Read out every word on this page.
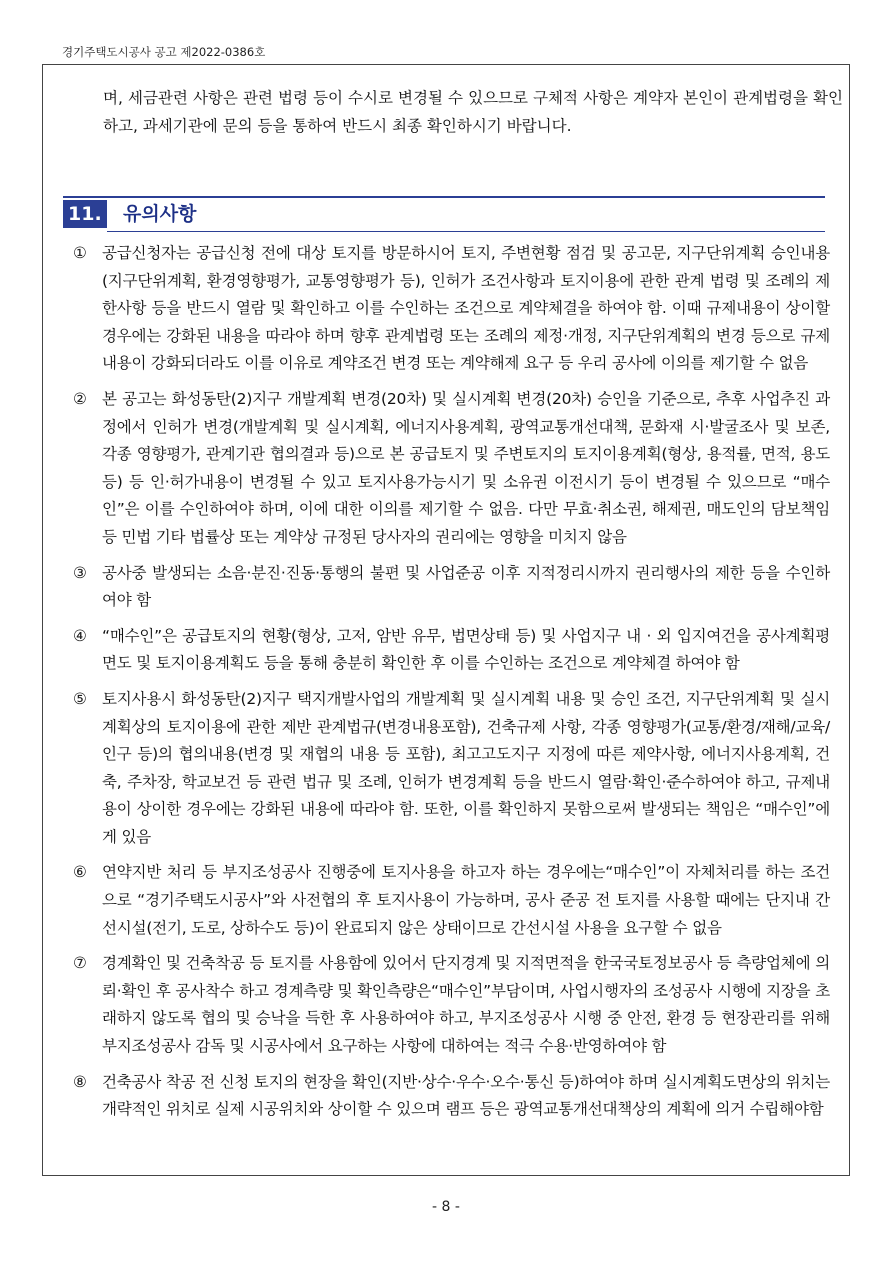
경기주택도시공사 공고 제2022-0386호
며, 세금관련 사항은 관련 법령 등이 수시로 변경될 수 있으므로 구체적 사항은 계약자 본인이 관계법령을 확인하고, 과세기관에 문의 등을 통하여 반드시 최종 확인하시기 바랍니다.
11. 유의사항
① 공급신청자는 공급신청 전에 대상 토지를 방문하시어 토지, 주변현황 점검 및 공고문, 지구단위계획 승인내용(지구단위계획, 환경영향평가, 교통영향평가 등), 인허가 조건사항과 토지이용에 관한 관계 법령 및 조례의 제한사항 등을 반드시 열람 및 확인하고 이를 수인하는 조건으로 계약체결을 하여야 함. 이때 규제내용이 상이할 경우에는 강화된 내용을 따라야 하며 향후 관계법령 또는 조례의 제정·개정, 지구단위계획의 변경 등으로 규제내용이 강화되더라도 이를 이유로 계약조건 변경 또는 계약해제 요구 등 우리 공사에 이의를 제기할 수 없음
② 본 공고는 화성동탄(2)지구 개발계획 변경(20차) 및 실시계획 변경(20차) 승인을 기준으로, 추후 사업추진 과정에서 인허가 변경(개발계획 및 실시계획, 에너지사용계획, 광역교통개선대책, 문화재 시·발굴조사 및 보존, 각종 영향평가, 관계기관 협의결과 등)으로 본 공급토지 및 주변토지의 토지이용계획(형상, 용적률, 면적, 용도 등) 등 인·허가내용이 변경될 수 있고 토지사용가능시기 및 소유권 이전시기 등이 변경될 수 있으므로 “매수인”은 이를 수인하여야 하며, 이에 대한 이의를 제기할 수 없음. 다만 무효·취소권, 해제권, 매도인의 담보책임 등 민법 기타 법률상 또는 계약상 규정된 당사자의 권리에는 영향을 미치지 않음
③ 공사중 발생되는 소음·분진·진동·통행의 불편 및 사업준공 이후 지적정리시까지 권리행사의 제한 등을 수인하여야 함
④ “매수인”은 공급토지의 현황(형상, 고저, 암반 유무, 법면상태 등) 및 사업지구 내 · 외 입지여건을 공사계획평면도 및 토지이용계획도 등을 통해 충분히 확인한 후 이를 수인하는 조건으로 계약체결 하여야 함
⑤ 토지사용시 화성동탄(2)지구 택지개발사업의 개발계획 및 실시계획 내용 및 승인 조건, 지구단위계획 및 실시계획상의 토지이용에 관한 제반 관계법규(변경내용포함), 건축규제 사항, 각종 영향평가(교통/환경/재해/교육/인구 등)의 협의내용(변경 및 재협의 내용 등 포함), 최고고도지구 지정에 따른 제약사항, 에너지사용계획, 건축, 주차장, 학교보건 등 관련 법규 및 조례, 인허가 변경계획 등을 반드시 열람·확인·준수하여야 하고, 규제내용이 상이한 경우에는 강화된 내용에 따라야 함. 또한, 이를 확인하지 못함으로써 발생되는 책임은 “매수인”에게 있음
⑥ 연약지반 처리 등 부지조성공사 진행중에 토지사용을 하고자 하는 경우에는“매수인”이 자체처리를 하는 조건으로 “경기주택도시공사”와 사전협의 후 토지사용이 가능하며, 공사 준공 전 토지를 사용할 때에는 단지내 간선시설(전기, 도로, 상하수도 등)이 완료되지 않은 상태이므로 간선시설 사용을 요구할 수 없음
⑦ 경계확인 및 건축착공 등 토지를 사용함에 있어서 단지경계 및 지적면적을 한국국토정보공사 등 측량업체에 의뢰·확인 후 공사착수 하고 경계측량 및 확인측량은“매수인”부담이며, 사업시행자의 조성공사 시행에 지장을 초래하지 않도록 협의 및 승낙을 득한 후 사용하여야 하고, 부지조성공사 시행 중 안전, 환경 등 현장관리를 위해 부지조성공사 감독 및 시공사에서 요구하는 사항에 대하여는 적극 수용·반영하여야 함
⑧ 건축공사 착공 전 신청 토지의 현장을 확인(지반·상수·우수·오수·통신 등)하여야 하며 실시계획도면상의 위치는 개략적인 위치로 실제 시공위치와 상이할 수 있으며 램프 등은 광역교통개선대책상의 계획에 의거 수립해야함
- 8 -
